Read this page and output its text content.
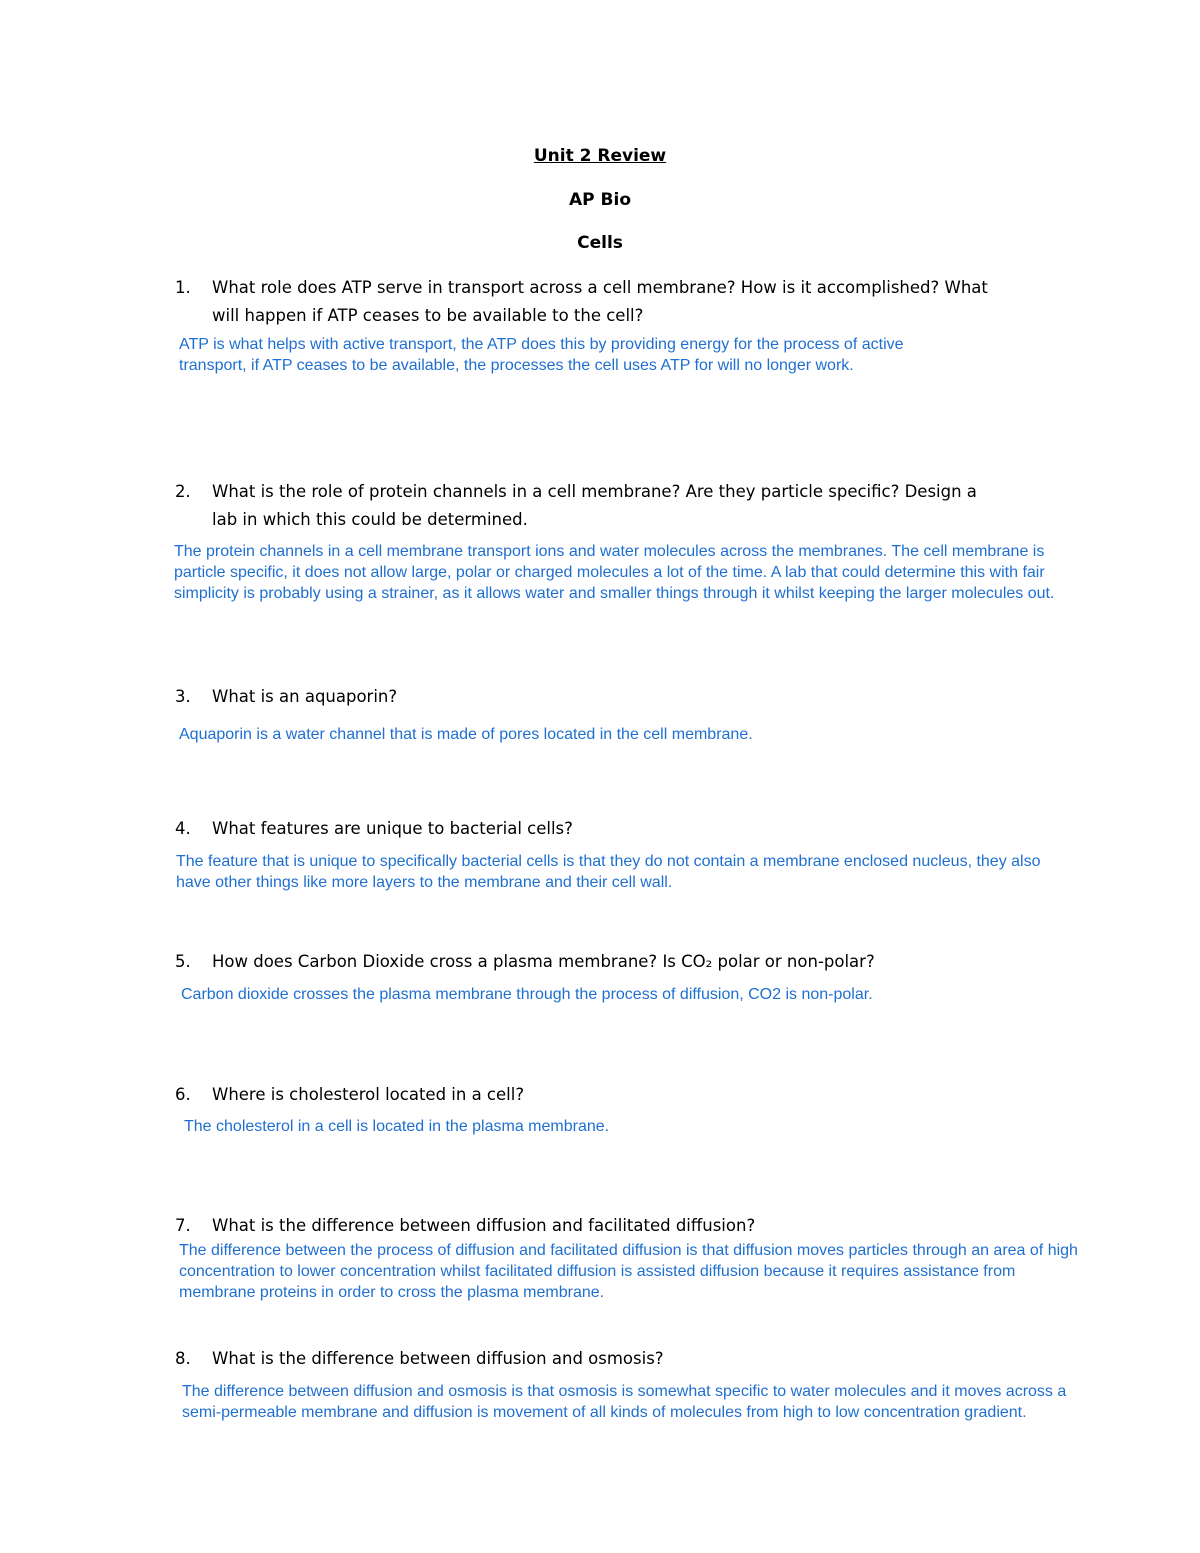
Unit 2 Review
AP Bio
Cells
1. What role does ATP serve in transport across a cell membrane? How is it accomplished? What
will happen if ATP ceases to be available to the cell?
ATP is what helps with active transport, the ATP does this by providing energy for the process of active
transport, if ATP ceases to be available, the processes the cell uses ATP for will no longer work.
2. What is the role of protein channels in a cell membrane? Are they particle specific? Design a
lab in which this could be determined.
The protein channels in a cell membrane transport ions and water molecules across the membranes. The cell membrane is
particle specific, it does not allow large, polar or charged molecules a lot of the time. A lab that could determine this with fair
simplicity is probably using a strainer, as it allows water and smaller things through it whilst keeping the larger molecules out.
3. What is an aquaporin?
Aquaporin is a water channel that is made of pores located in the cell membrane.
4. What features are unique to bacterial cells?
The feature that is unique to specifically bacterial cells is that they do not contain a membrane enclosed nucleus, they also
have other things like more layers to the membrane and their cell wall.
5. How does Carbon Dioxide cross a plasma membrane? Is CO₂ polar or non-polar?
Carbon dioxide crosses the plasma membrane through the process of diffusion, CO2 is non-polar.
6. Where is cholesterol located in a cell?
The cholesterol in a cell is located in the plasma membrane.
7. What is the difference between diffusion and facilitated diffusion?
The difference between the process of diffusion and facilitated diffusion is that diffusion moves particles through an area of high
concentration to lower concentration whilst facilitated diffusion is assisted diffusion because it requires assistance from
membrane proteins in order to cross the plasma membrane.
8. What is the difference between diffusion and osmosis?
The difference between diffusion and osmosis is that osmosis is somewhat specific to water molecules and it moves across a
semi-permeable membrane and diffusion is movement of all kinds of molecules from high to low concentration gradient.
